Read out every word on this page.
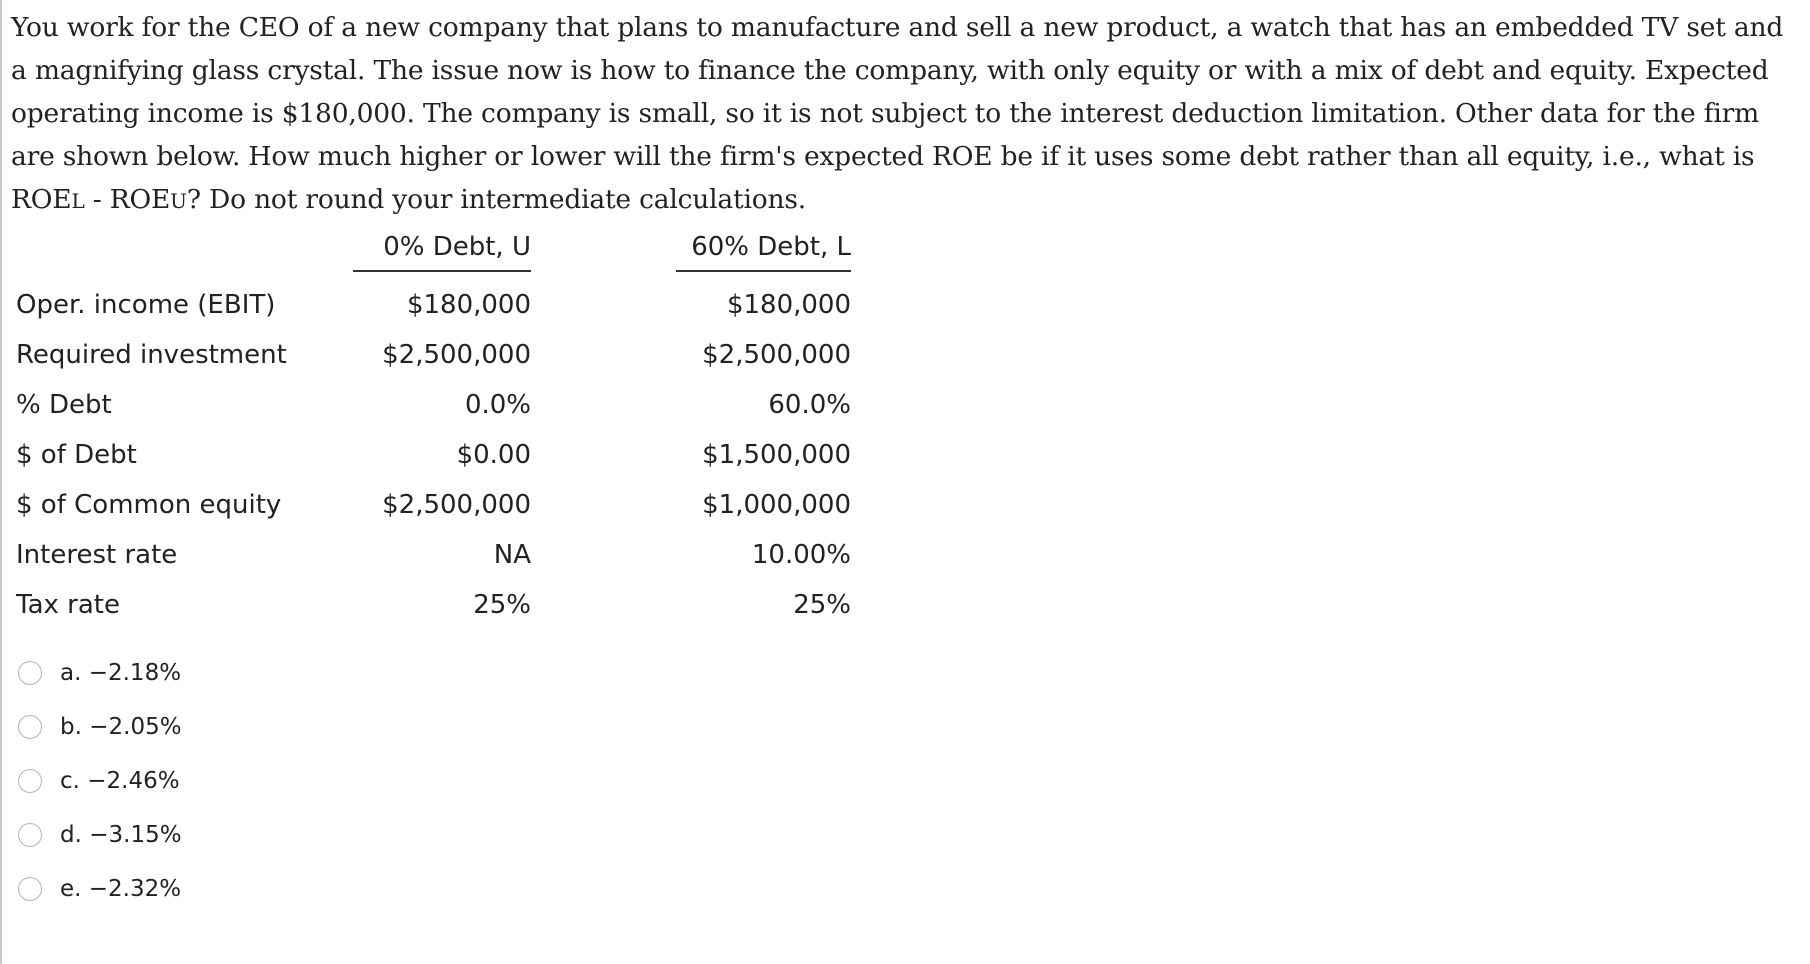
You work for the CEO of a new company that plans to manufacture and sell a new product, a watch that has an embedded TV set and a magnifying glass crystal. The issue now is how to finance the company, with only equity or with a mix of debt and equity. Expected operating income is $180,000. The company is small, so it is not subject to the interest deduction limitation. Other data for the firm are shown below. How much higher or lower will the firm's expected ROE be if it uses some debt rather than all equity, i.e., what is ROEL - ROEU? Do not round your intermediate calculations.
	0% Debt, U		60% Debt, L
Oper. income (EBIT)	$180,000		$180,000
Required investment	$2,500,000		$2,500,000
% Debt	0.0%		60.0%
$ of Debt	$0.00		$1,500,000
$ of Common equity	$2,500,000		$1,000,000
Interest rate	NA		10.00%
Tax rate	25%		25%
a. −2.18%
b. −2.05%
c. −2.46%
d. −3.15%
e. −2.32%
